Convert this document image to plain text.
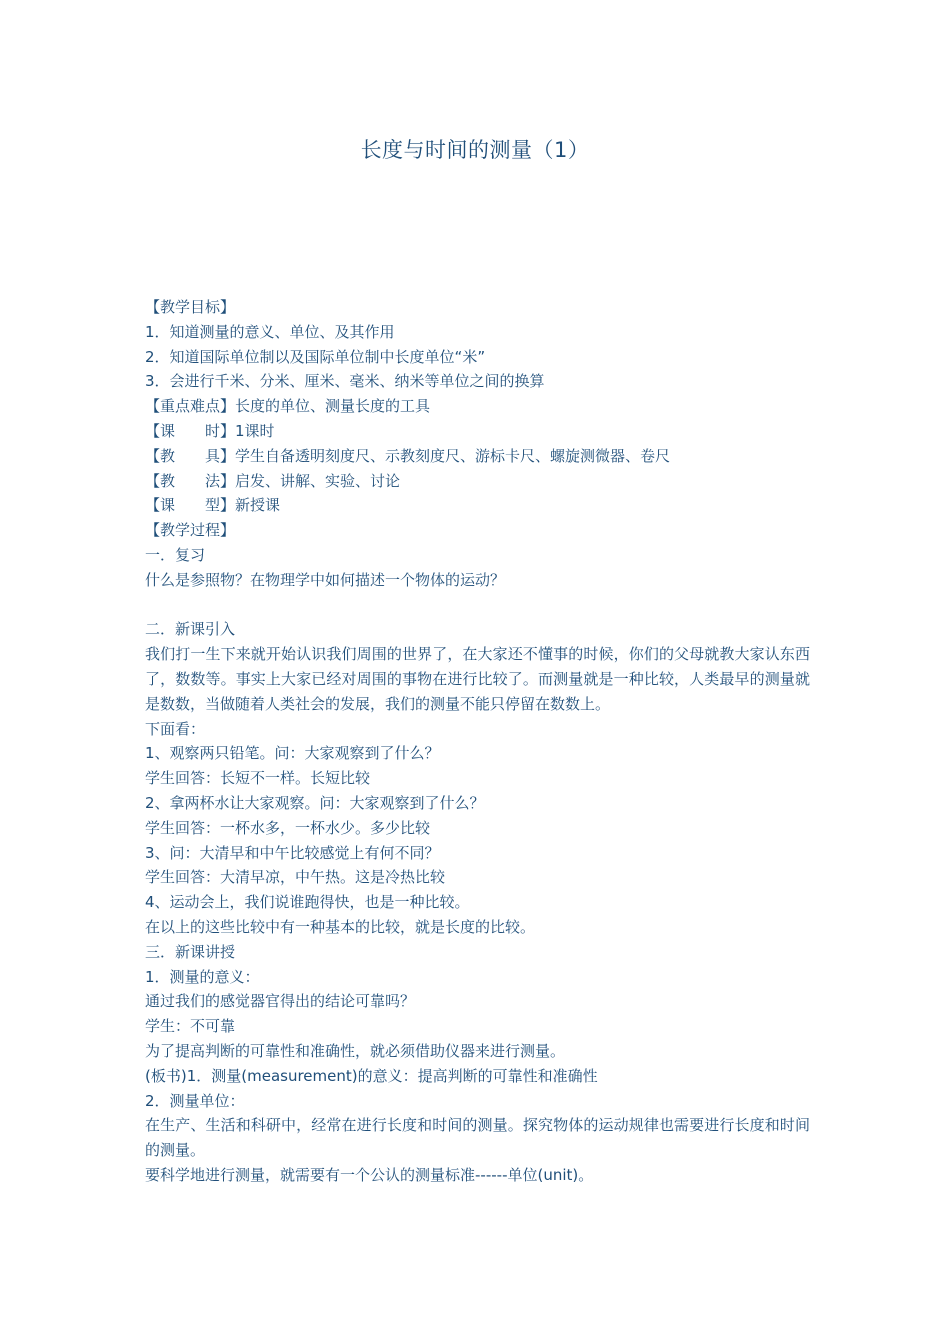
长度与时间的测量（1）

【教学目标】

1．知道测量的意义、单位、及其作用

2．知道国际单位制以及国际单位制中长度单位“米”

3．会进行千米、分米、厘米、毫米、纳米等单位之间的换算

【重点难点】长度的单位、测量长度的工具

【课　　时】1课时

【教　　具】学生自备透明刻度尺、示教刻度尺、游标卡尺、螺旋测微器、卷尺

【教　　法】启发、讲解、实验、讨论

【课　　型】新授课

【教学过程】

一．复习

什么是参照物？在物理学中如何描述一个物体的运动？

二．新课引入

我们打一生下来就开始认识我们周围的世界了，在大家还不懂事的时候，你们的父母就教大家认东西了，数数等。事实上大家已经对周围的事物在进行比较了。而测量就是一种比较，人类最早的测量就是数数，当做随着人类社会的发展，我们的测量不能只停留在数数上。

下面看：

1、观察两只铅笔。问：大家观察到了什么？

学生回答：长短不一样。长短比较

2、拿两杯水让大家观察。问：大家观察到了什么？

学生回答：一杯水多，一杯水少。多少比较

3、问：大清早和中午比较感觉上有何不同？

学生回答：大清早凉，中午热。这是冷热比较

4、运动会上，我们说谁跑得快，也是一种比较。

在以上的这些比较中有一种基本的比较，就是长度的比较。

三．新课讲授

1．测量的意义：

通过我们的感觉器官得出的结论可靠吗？

学生：不可靠

为了提高判断的可靠性和准确性，就必须借助仪器来进行测量。

(板书)1．测量(measurement)的意义：提高判断的可靠性和准确性

2．测量单位：

在生产、生活和科研中，经常在进行长度和时间的测量。探究物体的运动规律也需要进行长度和时间的测量。

要科学地进行测量，就需要有一个公认的测量标准------单位(unit)。
